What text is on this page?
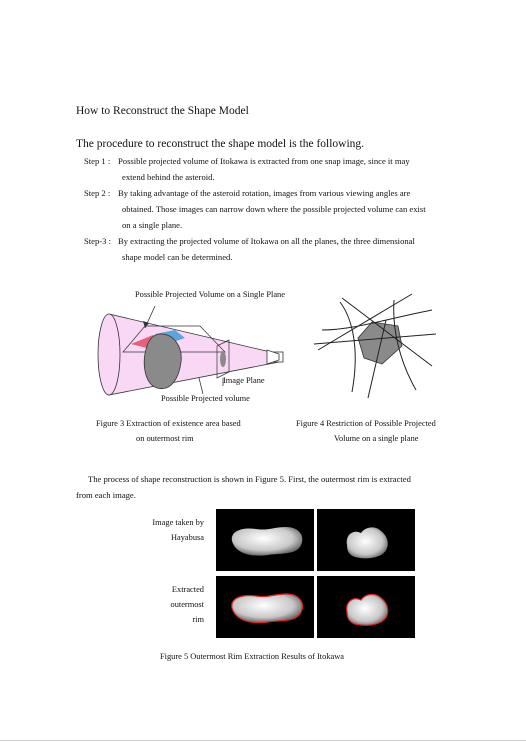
How to Reconstruct the Shape Model
The procedure to reconstruct the shape model is the following.
Step 1 : Possible projected volume of Itokawa is extracted from one snap image, since it may
extend behind the asteroid.
Step 2 : By taking advantage of the asteroid rotation, images from various viewing angles are
obtained. Those images can narrow down where the possible projected volume can exist
on a single plane.
Step-3 : By extracting the projected volume of Itokawa on all the planes, the three dimensional
shape model can be determined.
Possible Projected Volume on a Single Plane
Image Plane
Possible Projected volume
Figure 3 Extraction of existence area based
on outermost rim
Figure 4 Restriction of Possible Projected
Volume on a single plane
The process of shape reconstruction is shown in Figure 5. First, the outermost rim is extracted
from each image.
Image taken by
Hayabusa
Extracted
outermost
rim
Figure 5 Outermost Rim Extraction Results of Itokawa
